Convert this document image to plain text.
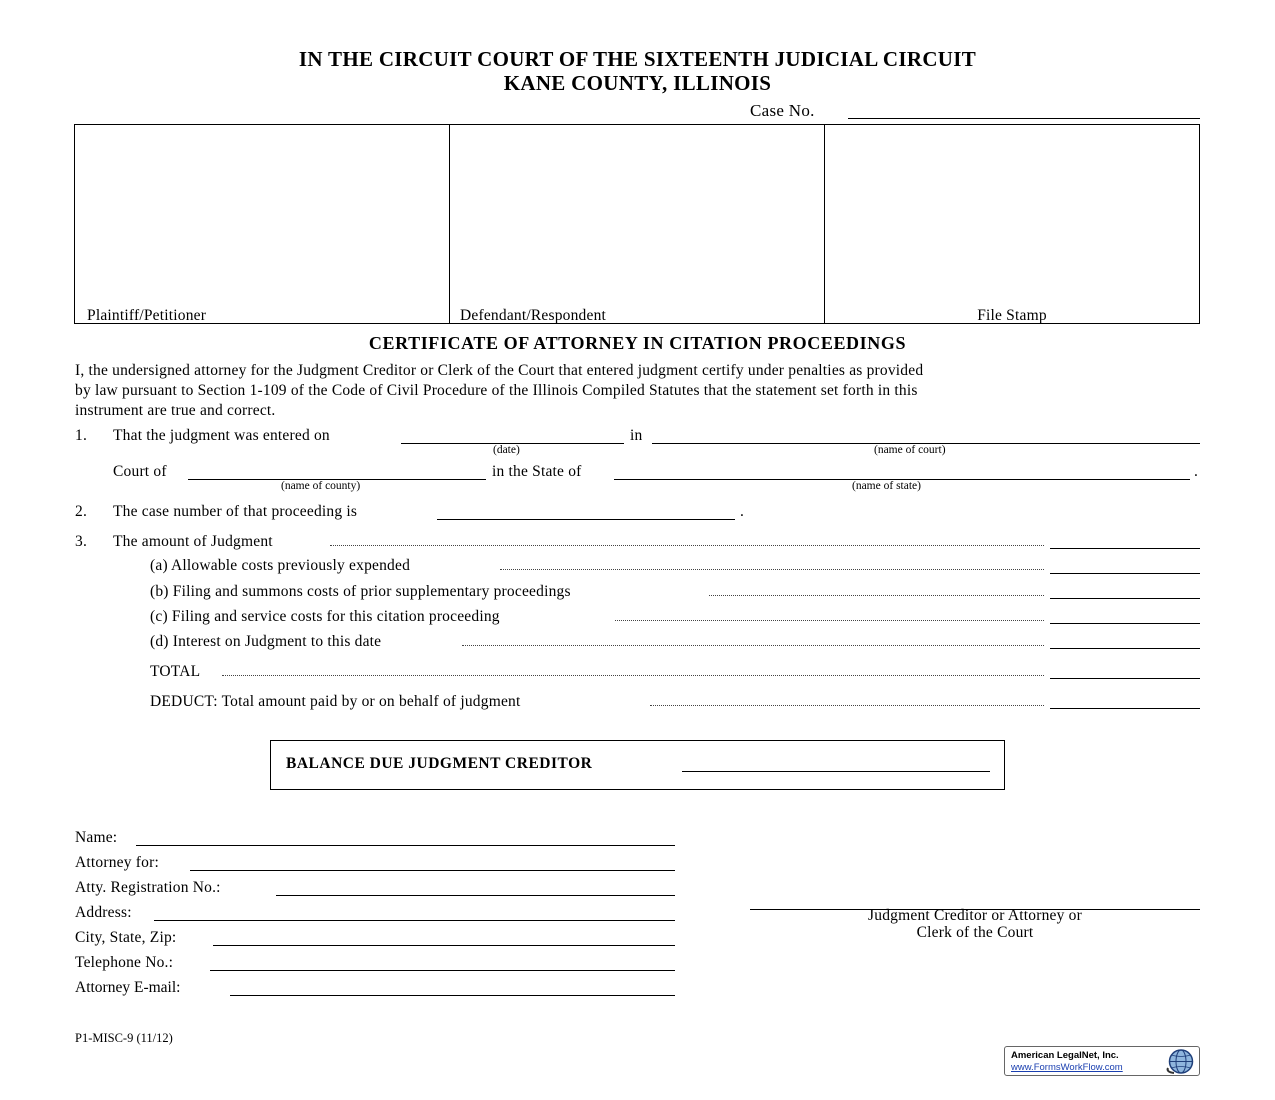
IN THE CIRCUIT COURT OF THE SIXTEENTH JUDICIAL CIRCUIT
KANE COUNTY, ILLINOIS
Case No.
Plaintiff/Petitioner	Defendant/Respondent	File Stamp
CERTIFICATE OF ATTORNEY IN CITATION PROCEEDINGS
I, the undersigned attorney for the Judgment Creditor or Clerk of the Court that entered judgment certify under penalties as provided
by law pursuant to Section 1-109 of the Code of Civil Procedure of the Illinois Compiled Statutes that the statement set forth in this
instrument are true and correct.
1. That the judgment was entered on	in
(date)	(name of court)
Court of	in the State of	.
(name of county)	(name of state)
2. The case number of that proceeding is	.
3. The amount of Judgment
(a) Allowable costs previously expended
(b) Filing and summons costs of prior supplementary proceedings
(c) Filing and service costs for this citation proceeding
(d) Interest on Judgment to this date
TOTAL
DEDUCT: Total amount paid by or on behalf of judgment
BALANCE DUE JUDGMENT CREDITOR
Name:
Attorney for:
Atty. Registration No.:
Address:
City, State, Zip:
Telephone No.:
Attorney E-mail:
Judgment Creditor or Attorney or
Clerk of the Court
P1-MISC-9 (11/12)
American LegalNet, Inc.
www.FormsWorkFlow.com
